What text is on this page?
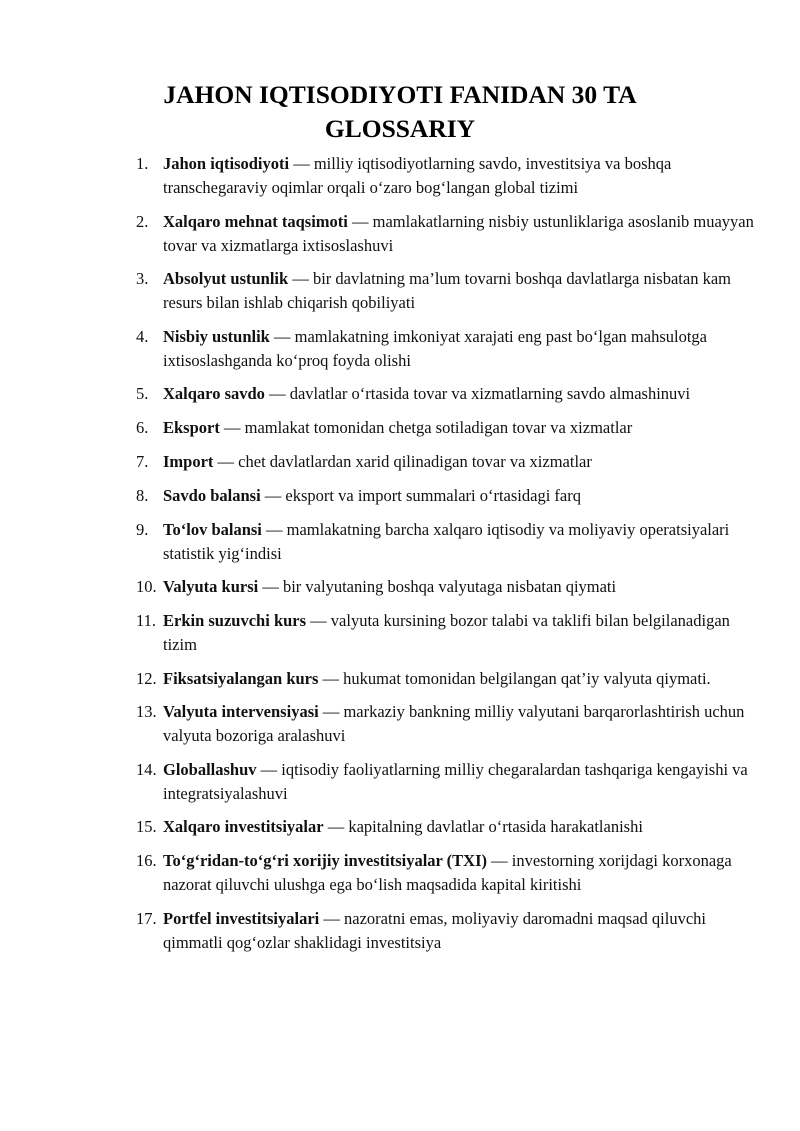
JAHON IQTISODIYOTI FANIDAN 30 TA GLOSSARIY
1. Jahon iqtisodiyoti — milliy iqtisodiyotlarning savdo, investitsiya va boshqa transchegaraviy oqimlar orqali o‘zaro bog‘langan global tizimi
2. Xalqaro mehnat taqsimoti — mamlakatlarning nisbiy ustunliklariga asoslanib muayyan tovar va xizmatlarga ixtisoslashuvi
3. Absolyut ustunlik — bir davlatning ma’lum tovarni boshqa davlatlarga nisbatan kam resurs bilan ishlab chiqarish qobiliyati
4. Nisbiy ustunlik — mamlakatning imkoniyat xarajati eng past bo‘lgan mahsulotga ixtisoslashganda ko‘proq foyda olishi
5. Xalqaro savdo — davlatlar o‘rtasida tovar va xizmatlarning savdo almashinuvi
6. Eksport — mamlakat tomonidan chetga sotiladigan tovar va xizmatlar
7. Import — chet davlatlardan xarid qilinadigan tovar va xizmatlar
8. Savdo balansi — eksport va import summalari o‘rtasidagi farq
9. To‘lov balansi — mamlakatning barcha xalqaro iqtisodiy va moliyaviy operatsiyalari statistik yig‘indisi
10. Valyuta kursi — bir valyutaning boshqa valyutaga nisbatan qiymati
11. Erkin suzuvchi kurs — valyuta kursining bozor talabi va taklifi bilan belgilanadigan tizim
12. Fiksatsiyalangan kurs — hukumat tomonidan belgilangan qat’iy valyuta qiymati.
13. Valyuta intervensiyasi — markaziy bankning milliy valyutani barqarorlashtirish uchun valyuta bozoriga aralashuvi
14. Globallashuv — iqtisodiy faoliyatlarning milliy chegaralardan tashqariga kengayishi va integratsiyalashuvi
15. Xalqaro investitsiyalar — kapitalning davlatlar o‘rtasida harakatlanishi
16. To‘g‘ridan-to‘g‘ri xorijiy investitsiyalar (TXI) — investorning xorijdagi korxonaga nazorat qiluvchi ulushga ega bo‘lish maqsadida kapital kiritishi
17. Portfel investitsiyalari — nazoratni emas, moliyaviy daromadni maqsad qiluvchi qimmatli qog‘ozlar shaklidagi investitsiya
